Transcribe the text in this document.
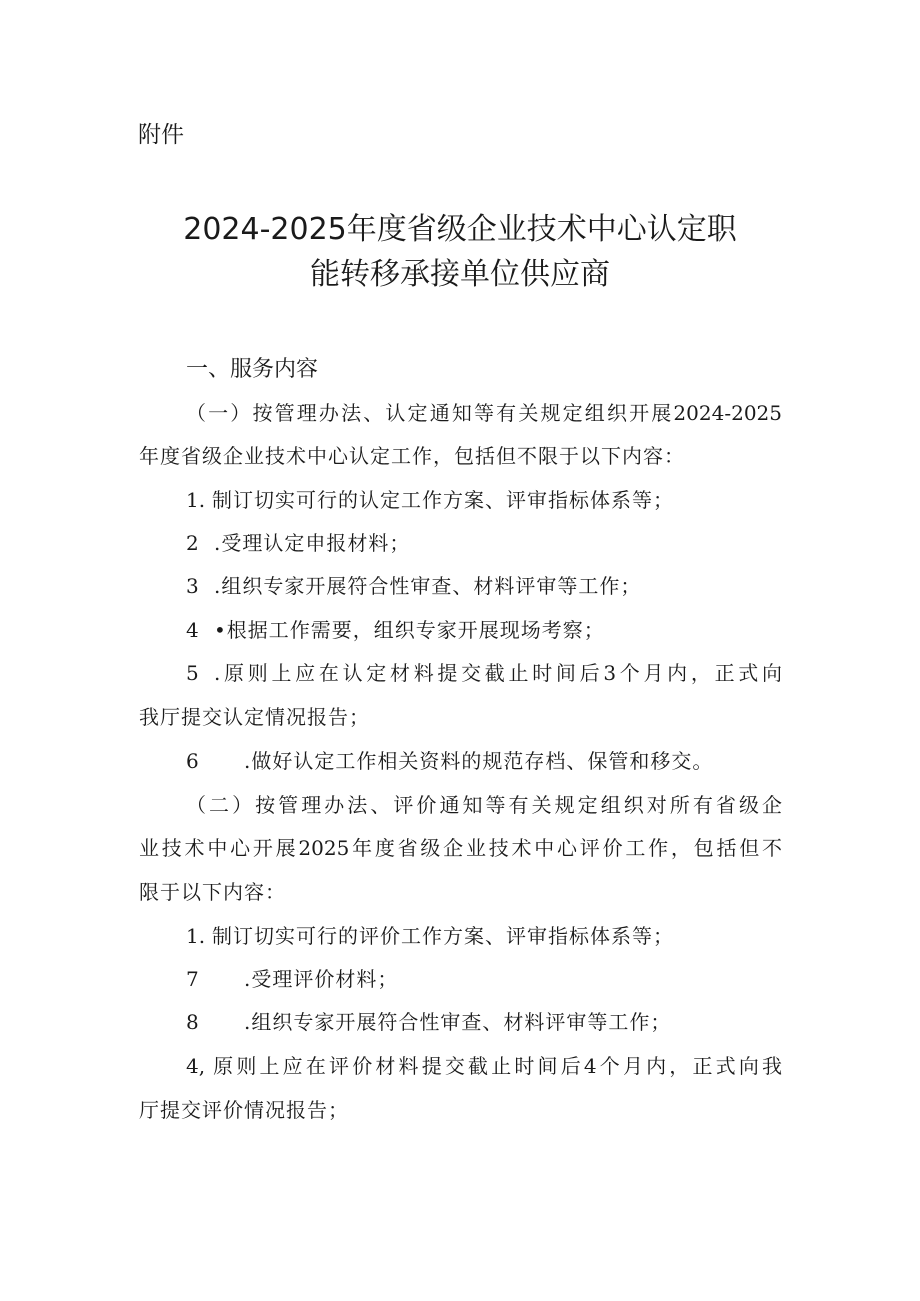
附件
2024-2025年度省级企业技术中心认定职
能转移承接单位供应商
一、服务内容
（一）按管理办法、认定通知等有关规定组织开展2024-2025
年度省级企业技术中心认定工作，包括但不限于以下内容：
1. 制订切实可行的认定工作方案、评审指标体系等；
2 .受理认定申报材料；
3 .组织专家开展符合性审查、材料评审等工作；
4 •根据工作需要，组织专家开展现场考察；
5 .原则上应在认定材料提交截止时间后3个月内，正式向
我厅提交认定情况报告；
6 .做好认定工作相关资料的规范存档、保管和移交。
（二）按管理办法、评价通知等有关规定组织对所有省级企
业技术中心开展2025年度省级企业技术中心评价工作，包括但不
限于以下内容：
1. 制订切实可行的评价工作方案、评审指标体系等；
7 .受理评价材料；
8 .组织专家开展符合性审查、材料评审等工作；
4, 原则上应在评价材料提交截止时间后4个月内，正式向我
厅提交评价情况报告；
